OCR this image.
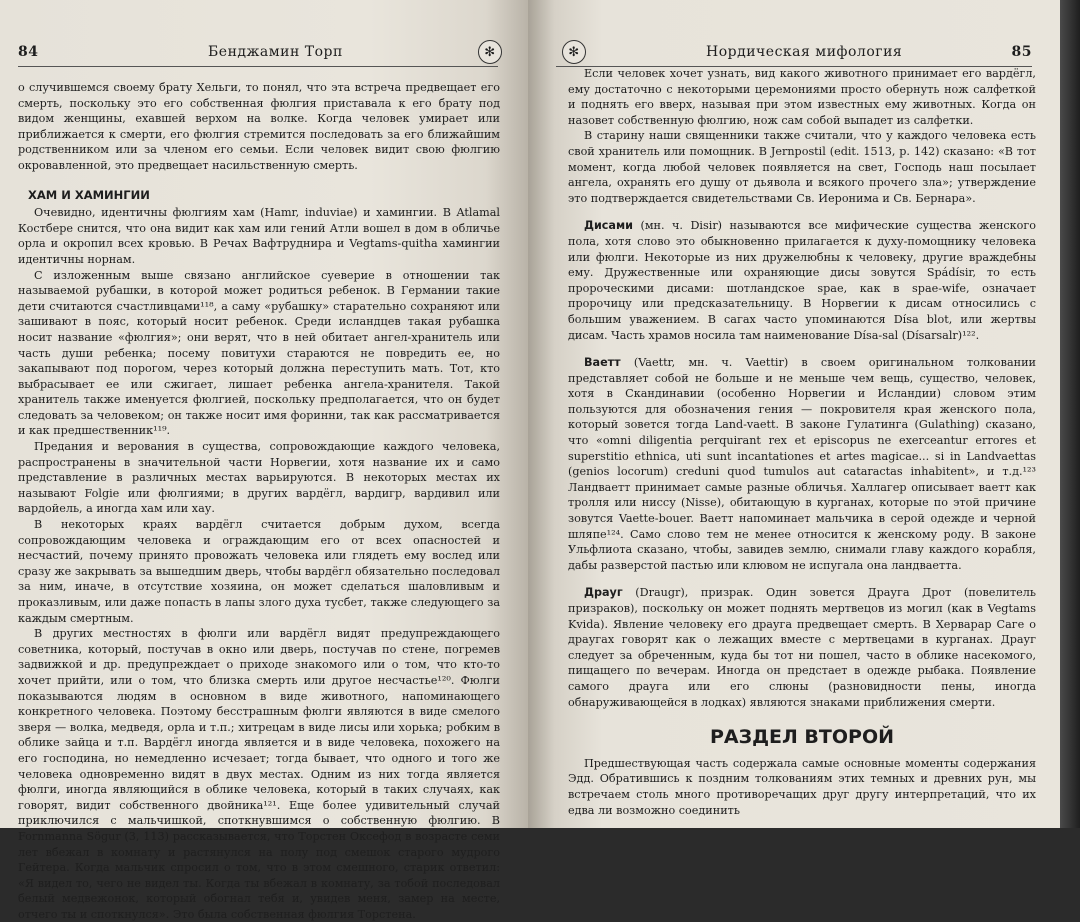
84	Бенджамин Торп	✻

о случившемся своему брату Хельги, то понял, что эта встреча предвещает его смерть, поскольку это его собственная фюлгия приставала к его брату под видом женщины, ехавшей верхом на волке. Когда человек умирает или приближается к смерти, его фюлгия стремится последовать за его ближайшим родственником или за членом его семьи. Если человек видит свою фюлгию окровавленной, это предвещает насильственную смерть.

ХАМ И ХАМИНГИИ

Очевидно, идентичны фюлгиям хам (Hamr, induviae) и хамингии. В Atlamal Костбере снится, что она видит как хам или гений Атли вошел в дом в обличье орла и окропил всех кровью. В Речах Вафтруднира и Vegtams-quitha хамингии идентичны норнам.

С изложенным выше связано английское суеверие в отношении так называемой рубашки, в которой может родиться ребенок. В Германии такие дети считаются счастливцами¹¹⁸, а саму «рубашку» старательно сохраняют или зашивают в пояс, который носит ребенок. Среди исландцев такая рубашка носит название «фюлгия»; они верят, что в ней обитает ангел-хранитель или часть души ребенка; посему повитухи стараются не повредить ее, но закапывают под порогом, через который должна переступить мать. Тот, кто выбрасывает ее или сжигает, лишает ребенка ангела-хранителя. Такой хранитель также именуется фюлгией, поскольку предполагается, что он будет следовать за человеком; он также носит имя форинни, так как рассматривается и как предшественник¹¹⁹.

Предания и верования в существа, сопровождающие каждого человека, распространены в значительной части Норвегии, хотя название их и само представление в различных местах варьируются. В некоторых местах их называют Folgie или фюлгиями; в других вардёгл, вардигр, вардивил или вардойель, а иногда хам или хау.

В некоторых краях вардёгл считается добрым духом, всегда сопровождающим человека и ограждающим его от всех опасностей и несчастий, почему принято провожать человека или глядеть ему вослед или сразу же закрывать за вышедшим дверь, чтобы вардёгл обязательно последовал за ним, иначе, в отсутствие хозяина, он может сделаться шаловливым и проказливым, или даже попасть в лапы злого духа тусбет, также следующего за каждым смертным.

В других местностях в фюлги или вардёгл видят предупреждающего советника, который, постучав в окно или дверь, постучав по стене, погремев задвижкой и др. предупреждает о приходе знакомого или о том, что кто-то хочет прийти, или о том, что близка смерть или другое несчастье¹²⁰. Фюлги показываются людям в основном в виде животного, напоминающего конкретного человека. Поэтому бесстрашным фюлги являются в виде смелого зверя — волка, медведя, орла и т.п.; хитрецам в виде лисы или хорька; робким в облике зайца и т.п. Вардёгл иногда является и в виде человека, похожего на его господина, но немедленно исчезает; тогда бывает, что одного и того же человека одновременно видят в двух местах. Одним из них тогда является фюлги, иногда являющийся в облике человека, который в таких случаях, как говорят, видит собственного двойника¹²¹. Еще более удивительный случай приключился с мальчишкой, споткнувшимся о собственную фюлгию. В Fornmanna Sögur (3, 113) рассказывается, что Торстен Оксефод в возрасте семи лет вбежал в комнату и растянулся на полу под смешок старого мудрого Гейтера. Когда мальчик спросил о том, что в этом смешного, старик ответил: «Я видел то, чего не видел ты. Когда ты вбежал в комнату, за тобой последовал белый медвежонок, который обогнал тебя и, увидев меня, замер на месте, отчего ты и споткнулся». Это была собственная фюлгия Торстена.

✻	Нордическая мифология	85

Если человек хочет узнать, вид какого животного принимает его вардёгл, ему достаточно с некоторыми церемониями просто обернуть нож салфеткой и поднять его вверх, называя при этом известных ему животных. Когда он назовет собственную фюлгию, нож сам собой выпадет из салфетки.

В старину наши священники также считали, что у каждого человека есть свой хранитель или помощник. В Jernpostil (edit. 1513, p. 142) сказано: «В тот момент, когда любой человек появляется на свет, Господь наш посылает ангела, охранять его душу от дьявола и всякого прочего зла»; утверждение это подтверждается свидетельствами Св. Иеронима и Св. Бернара».

Дисами (мн. ч. Disir) называются все мифические существа женского пола, хотя слово это обыкновенно прилагается к духу-помощнику человека или фюлги. Некоторые из них дружелюбны к человеку, другие враждебны ему. Дружественные или охраняющие дисы зовутся Spádísir, то есть пророческими дисами: шотландское spae, как в spae-wife, означает пророчицу или предсказательницу. В Норвегии к дисам относились с большим уважением. В сагах часто упоминаются Dísa blot, или жертвы дисам. Часть храмов носила там наименование Dísa-sal (Dísarsalr)¹²².

Ваетт (Vaettr, мн. ч. Vaettir) в своем оригинальном толковании представляет собой не больше и не меньше чем вещь, существо, человек, хотя в Скандинавии (особенно Норвегии и Исландии) словом этим пользуются для обозначения гения — покровителя края женского пола, который зовется тогда Land-vaett. В законе Гулатинга (Gulathing) сказано, что «omni diligentia perquirant rex et episcopus ne exerceantur errores et superstitio ethnica, uti sunt incantationes et artes magicae... si in Landvaettas (genios locorum) creduni quod tumulos aut cataractas inhabitent», и т.д.¹²³ Ландваетт принимает самые разные обличья. Халлагер описывает ваетт как тролля или ниссу (Nisse), обитающую в курганах, которые по этой причине зовутся Vaette-bouer. Ваетт напоминает мальчика в серой одежде и черной шляпе¹²⁴. Само слово тем не менее относится к женскому роду. В законе Ульфлиота сказано, чтобы, завидев землю, снимали главу каждого корабля, дабы разверстой пастью или клювом не испугала она ландваетта.

Драуг (Draugr), призрак. Один зовется Драуга Дрот (повелитель призраков), поскольку он может поднять мертвецов из могил (как в Vegtams Kvida). Явление человеку его драуга предвещает смерть. В Хервараp Саге о драугах говорят как о лежащих вместе с мертвецами в курганах. Драуг следует за обреченным, куда бы тот ни пошел, часто в облике насекомого, пищащего по вечерам. Иногда он предстает в одежде рыбака. Появление самого драуга или его слюны (разновидности пены, иногда обнаруживающейся в лодках) являются знаками приближения смерти.

РАЗДЕЛ ВТОРОЙ

Предшествующая часть содержала самые основные моменты содержания Эдд. Обратившись к поздним толкованиям этих темных и древних рун, мы встречаем столь много противоречащих друг другу интерпретаций, что их едва ли возможно соединить
